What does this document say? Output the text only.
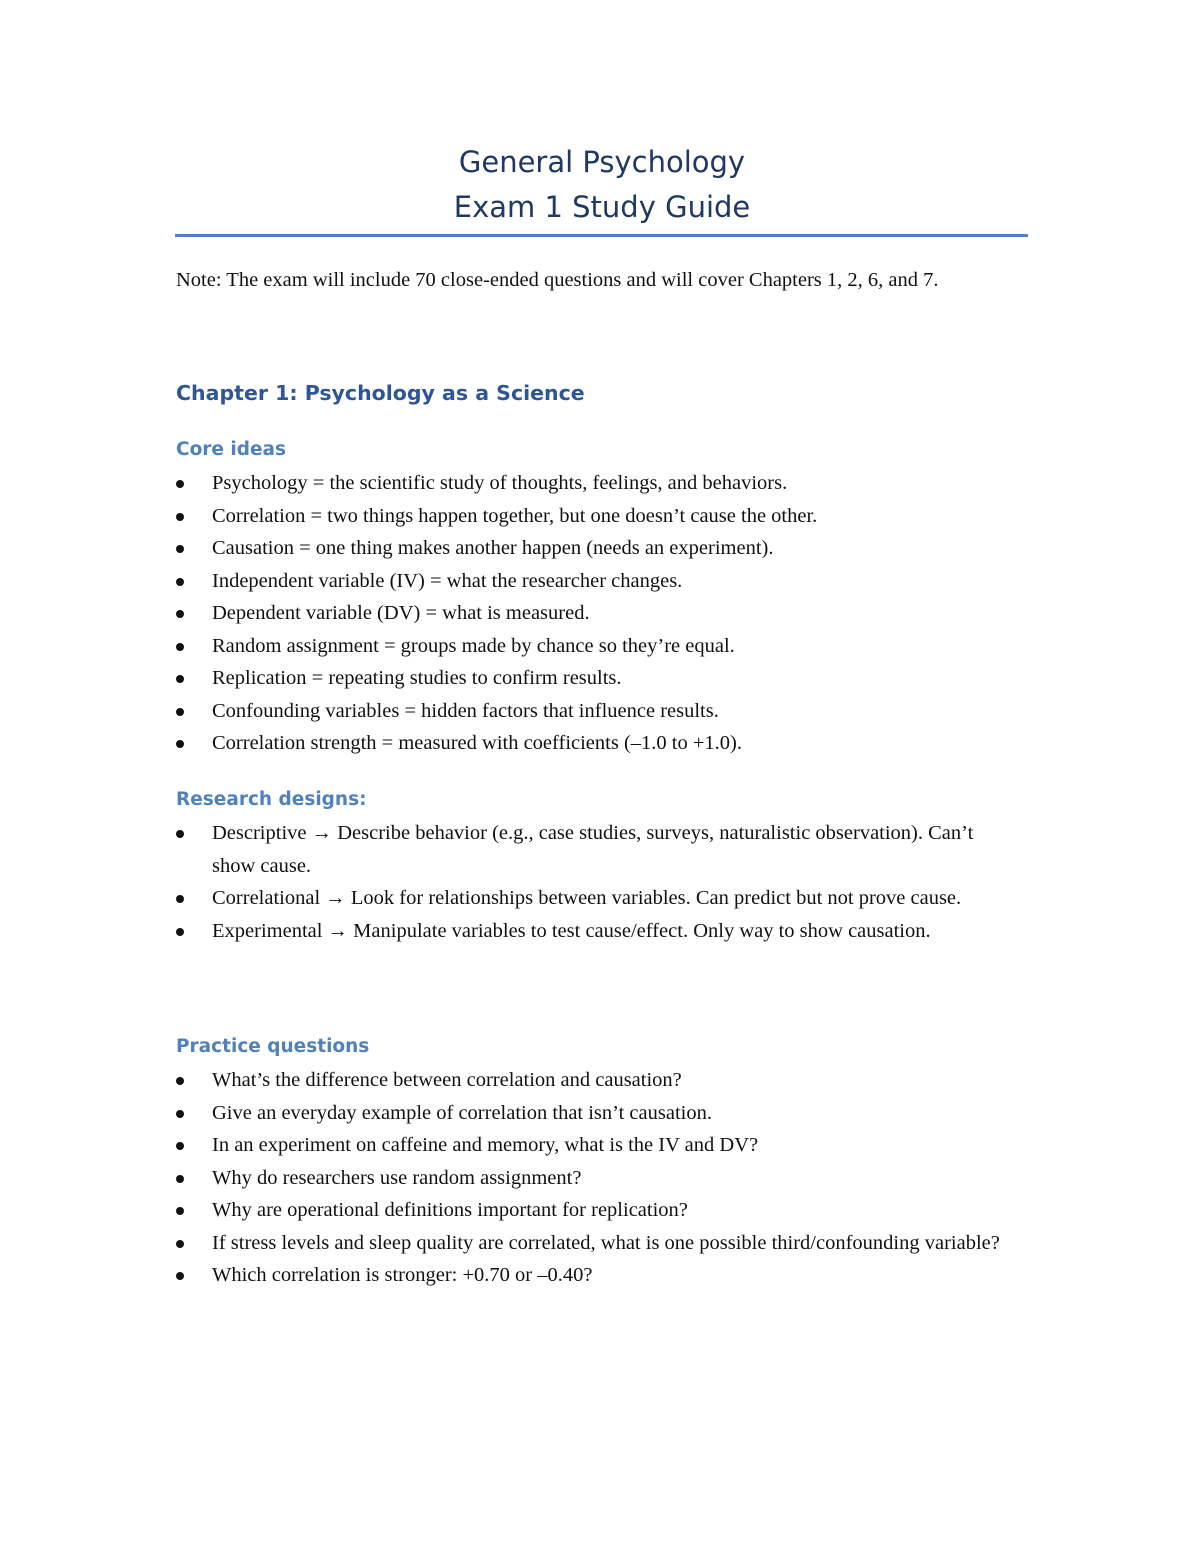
General Psychology

Exam 1 Study Guide

Note: The exam will include 70 close-ended questions and will cover Chapters 1, 2, 6, and 7.

Chapter 1: Psychology as a Science
Core ideas
Psychology = the scientific study of thoughts, feelings, and behaviors.
Correlation = two things happen together, but one doesn’t cause the other.
Causation = one thing makes another happen (needs an experiment).
Independent variable (IV) = what the researcher changes.
Dependent variable (DV) = what is measured.
Random assignment = groups made by chance so they’re equal.
Replication = repeating studies to confirm results.
Confounding variables = hidden factors that influence results.
Correlation strength = measured with coefficients (–1.0 to +1.0).
Research designs:
Descriptive → Describe behavior (e.g., case studies, surveys, naturalistic observation). Can’t show cause.
Correlational → Look for relationships between variables. Can predict but not prove cause.
Experimental → Manipulate variables to test cause/effect. Only way to show causation.
Practice questions
What’s the difference between correlation and causation?
Give an everyday example of correlation that isn’t causation.
In an experiment on caffeine and memory, what is the IV and DV?
Why do researchers use random assignment?
Why are operational definitions important for replication?
If stress levels and sleep quality are correlated, what is one possible third/confounding variable?
Which correlation is stronger: +0.70 or –0.40?
